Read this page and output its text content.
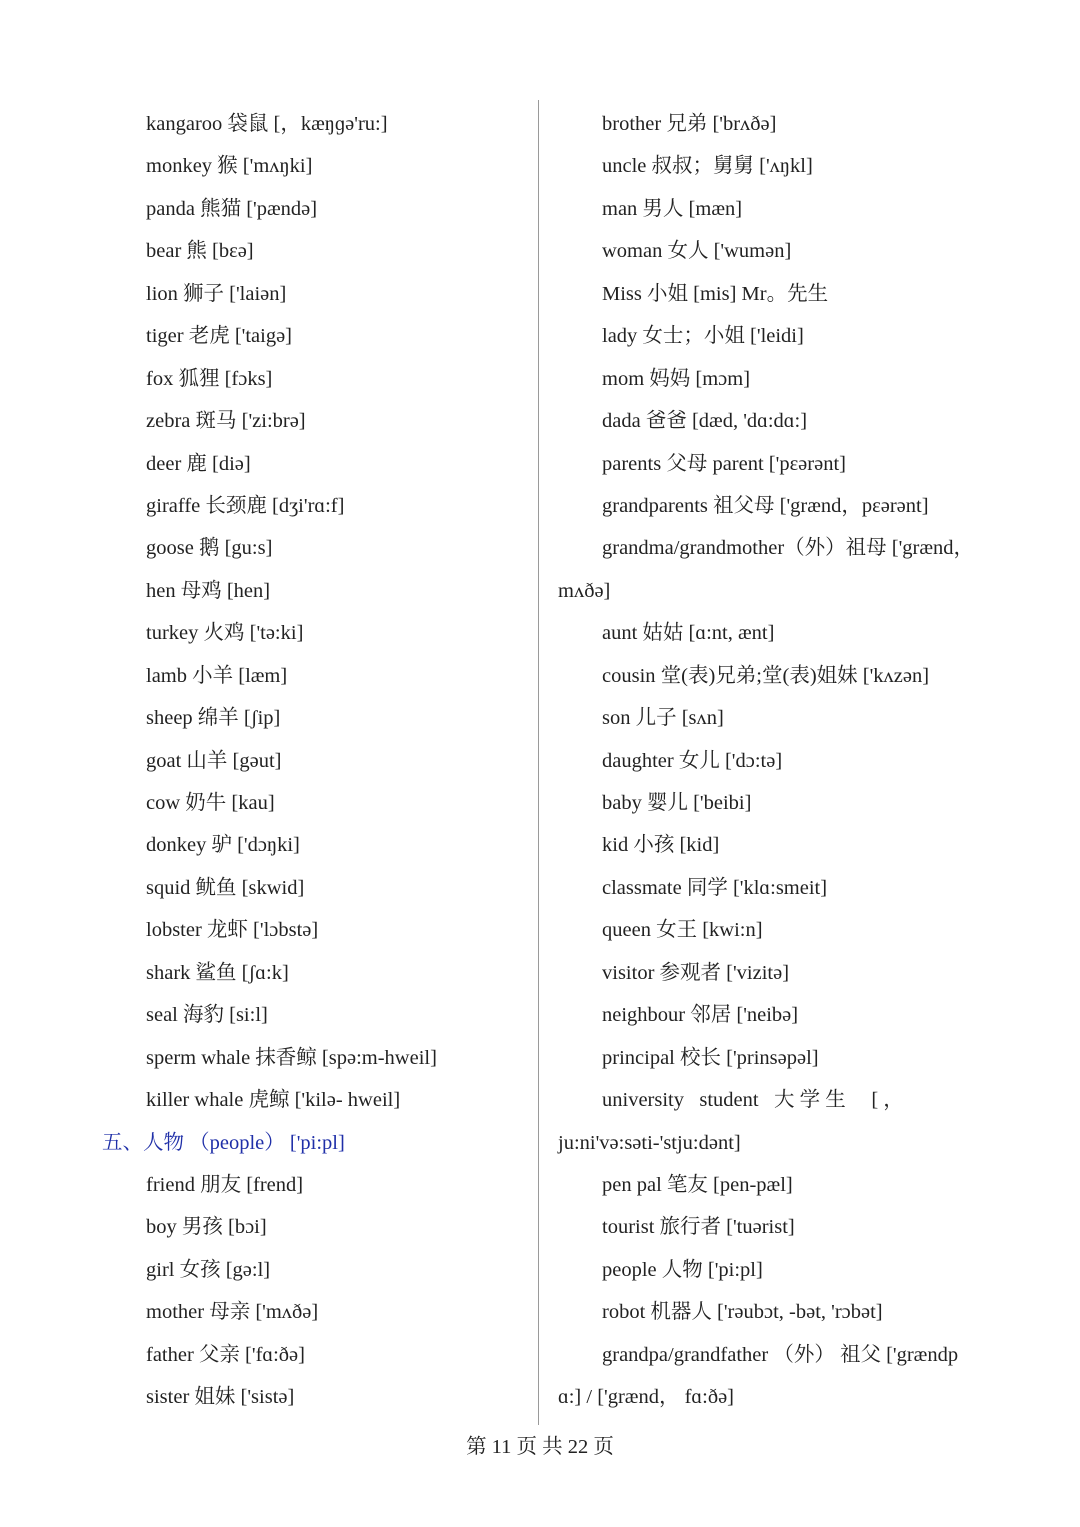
kangaroo 袋鼠 [，kæŋɡə'ru:]
monkey 猴 ['mʌŋki]
panda 熊猫 ['pændə]
bear 熊 [bɛə]
lion 狮子 ['laiən]
tiger 老虎 ['taigə]
fox 狐狸 [fɔks]
zebra 斑马 ['zi:brə]
deer 鹿 [diə]
giraffe 长颈鹿 [dʒi'rɑ:f]
goose 鹅 [gu:s]
hen 母鸡 [hen]
turkey 火鸡 ['tə:ki]
lamb 小羊 [læm]
sheep 绵羊 [ʃip]
goat 山羊 [gəut]
cow 奶牛 [kau]
donkey 驴 ['dɔŋki]
squid 鱿鱼 [skwid]
lobster 龙虾 ['lɔbstə]
shark 鲨鱼 [ʃɑ:k]
seal 海豹 [si:l]
sperm whale 抹香鲸 [spə:m-hweil]
killer whale 虎鲸 ['kilə- hweil]
五、人物 （people） ['pi:pl]
friend 朋友 [frend]
boy 男孩 [bɔi]
girl 女孩 [gə:l]
mother 母亲 ['mʌðə]
father 父亲 ['fɑ:ðə]
sister 姐妹 ['sistə]
brother 兄弟 ['brʌðə]
uncle 叔叔；舅舅 ['ʌŋkl]
man 男人 [mæn]
woman 女人 ['wumən]
Miss 小姐 [mis] Mr。先生
lady 女士；小姐 ['leidi]
mom 妈妈 [mɔm]
dada 爸爸 [dæd, 'dɑ:dɑ:]
parents 父母 parent ['pɛərənt]
grandparents 祖父母 ['grænd，pɛərənt]
grandma/grandmother（外）祖母 ['grænd，
mʌðə]
aunt 姑姑 [ɑ:nt, ænt]
cousin 堂(表)兄弟;堂(表)姐妹 ['kʌzən]
son 儿子 [sʌn]
daughter 女儿 ['dɔ:tə]
baby 婴儿 ['beibi]
kid 小孩 [kid]
classmate 同学 ['klɑ:smeit]
queen 女王 [kwi:n]
visitor 参观者 ['vizitə]
neighbour 邻居 ['neibə]
principal 校长 ['prinsəpəl]
university   student   大 学 生     [ ，
ju:ni'və:səti-'stju:dənt]
pen pal 笔友 [pen-pæl]
tourist 旅行者 ['tuərist]
people 人物 ['pi:pl]
robot 机器人 ['rəubɔt, -bət, 'rɔbət]
grandpa/grandfather （外） 祖父 ['grændp
ɑ:] / ['grænd， fɑ:ðə]
第 11 页 共 22 页
